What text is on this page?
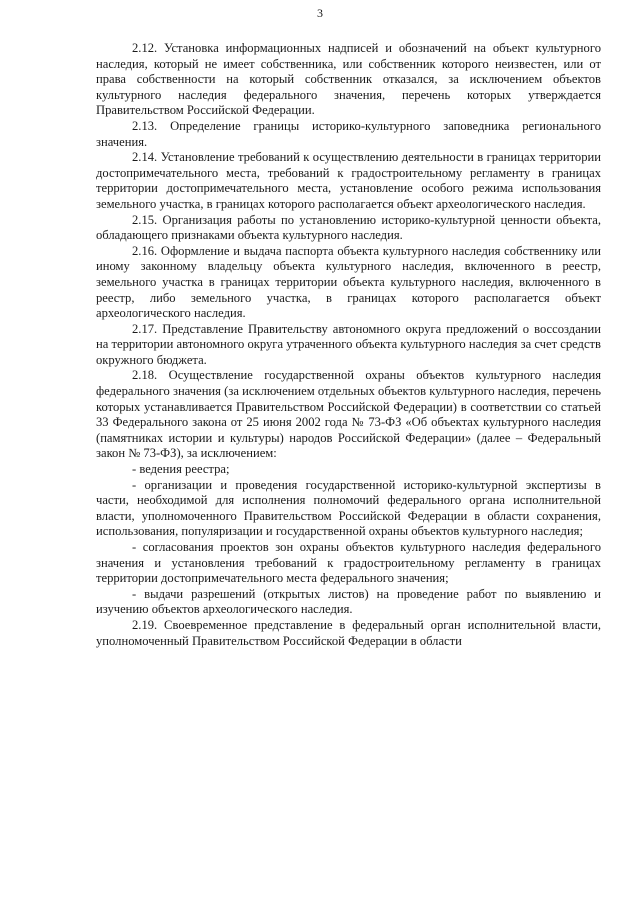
3

2.12. Установка информационных надписей и обозначений на объект культурного наследия, который не имеет собственника, или собственник которого неизвестен, или от права собственности на который собственник отказался, за исключением объектов культурного наследия федерального значения, перечень которых утверждается Правительством Российской Федерации.

2.13. Определение границы историко-культурного заповедника регионального значения.

2.14. Установление требований к осуществлению деятельности в границах территории достопримечательного места, требований к градостроительному регламенту в границах территории достопримечательного места, установление особого режима использования земельного участка, в границах которого располагается объект археологического наследия.

2.15. Организация работы по установлению историко-культурной ценности объекта, обладающего признаками объекта культурного наследия.

2.16. Оформление и выдача паспорта объекта культурного наследия собственнику или иному законному владельцу объекта культурного наследия, включенного в реестр, земельного участка в границах территории объекта культурного наследия, включенного в реестр, либо земельного участка, в границах которого располагается объект археологического наследия.

2.17. Представление Правительству автономного округа предложений о воссоздании на территории автономного округа утраченного объекта культурного наследия за счет средств окружного бюджета.

2.18. Осуществление государственной охраны объектов культурного наследия федерального значения (за исключением отдельных объектов культурного наследия, перечень которых устанавливается Правительством Российской Федерации) в соответствии со статьей 33 Федерального закона от 25 июня 2002 года № 73-ФЗ «Об объектах культурного наследия (памятниках истории и культуры) народов Российской Федерации» (далее – Федеральный закон № 73-ФЗ), за исключением:

- ведения реестра;

- организации и проведения государственной историко-культурной экспертизы в части, необходимой для исполнения полномочий федерального органа исполнительной власти, уполномоченного Правительством Российской Федерации в области сохранения, использования, популяризации и государственной охраны объектов культурного наследия;

- согласования проектов зон охраны объектов культурного наследия федерального значения и установления требований к градостроительному регламенту в границах территории достопримечательного места федерального значения;

- выдачи разрешений (открытых листов) на проведение работ по выявлению и изучению объектов археологического наследия.

2.19. Своевременное представление в федеральный орган исполнительной власти, уполномоченный Правительством Российской Федерации в области
